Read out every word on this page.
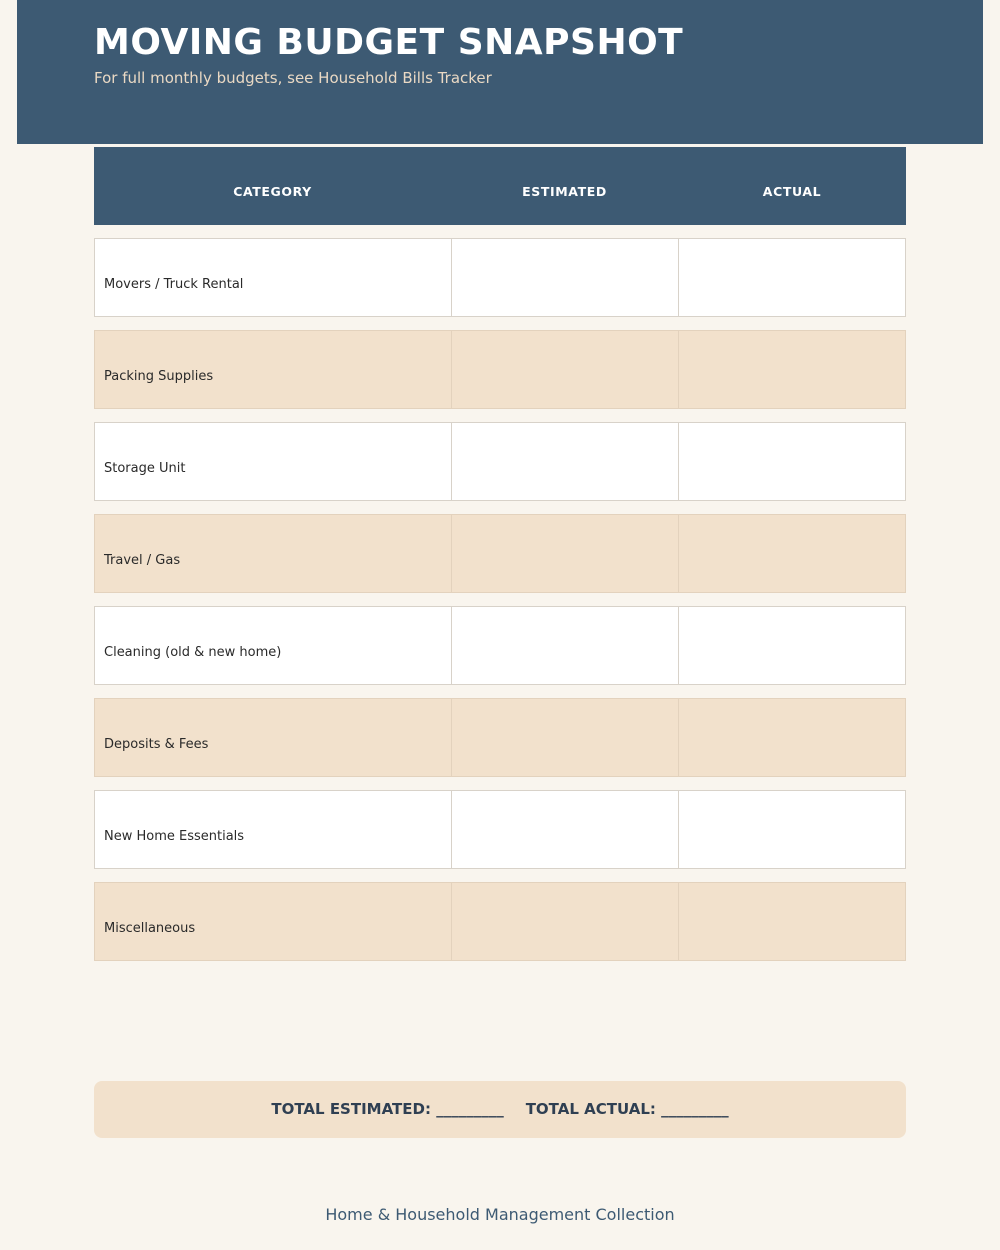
MOVING BUDGET SNAPSHOT
For full monthly budgets, see Household Bills Tracker
CATEGORY	ESTIMATED	ACTUAL
Movers / Truck Rental
Packing Supplies
Storage Unit
Travel / Gas
Cleaning (old & new home)
Deposits & Fees
New Home Essentials
Miscellaneous
TOTAL ESTIMATED: _________ TOTAL ACTUAL: _________
Home & Household Management Collection
